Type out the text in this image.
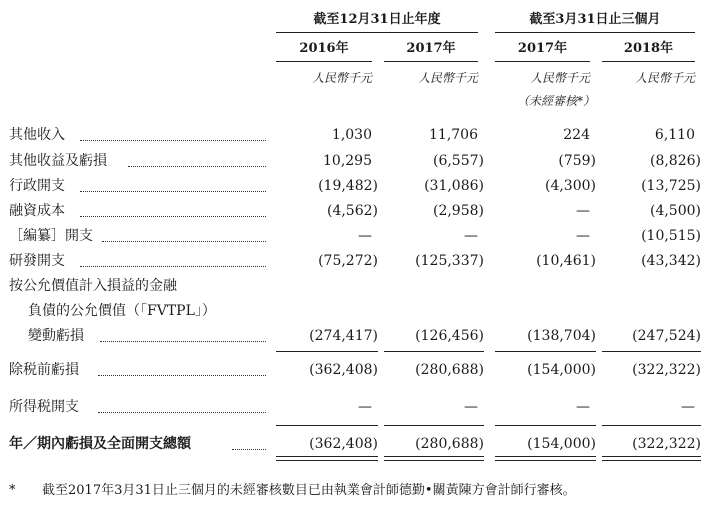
截至12月31日止年度	截至3月31日止三個月
2016年	2017年	2017年	2018年
人民幣千元	人民幣千元	人民幣千元	人民幣千元
（未經審核*）
其他收入	1,030	11,706	224	6,110
其他收益及虧損	10,295	(6,557)	(759)	(8,826)
行政開支	(19,482)	(31,086)	(4,300)	(13,725)
融資成本	(4,562)	(2,958)	—	(4,500)
［編纂］開支	—	—	—	(10,515)
研發開支	(75,272)	(125,337)	(10,461)	(43,342)
按公允價值計入損益的金融
負債的公允價值（「FVTPL」）
變動虧損	(274,417)	(126,456)	(138,704)	(247,524)
除税前虧損	(362,408)	(280,688)	(154,000)	(322,322)
所得税開支	—	—	—	—
年／期內虧損及全面開支總額	(362,408)	(280,688)	(154,000)	(322,322)
* 截至2017年3月31日止三個月的未經審核數目已由執業會計師德勤•關黃陳方會計師行審核。
